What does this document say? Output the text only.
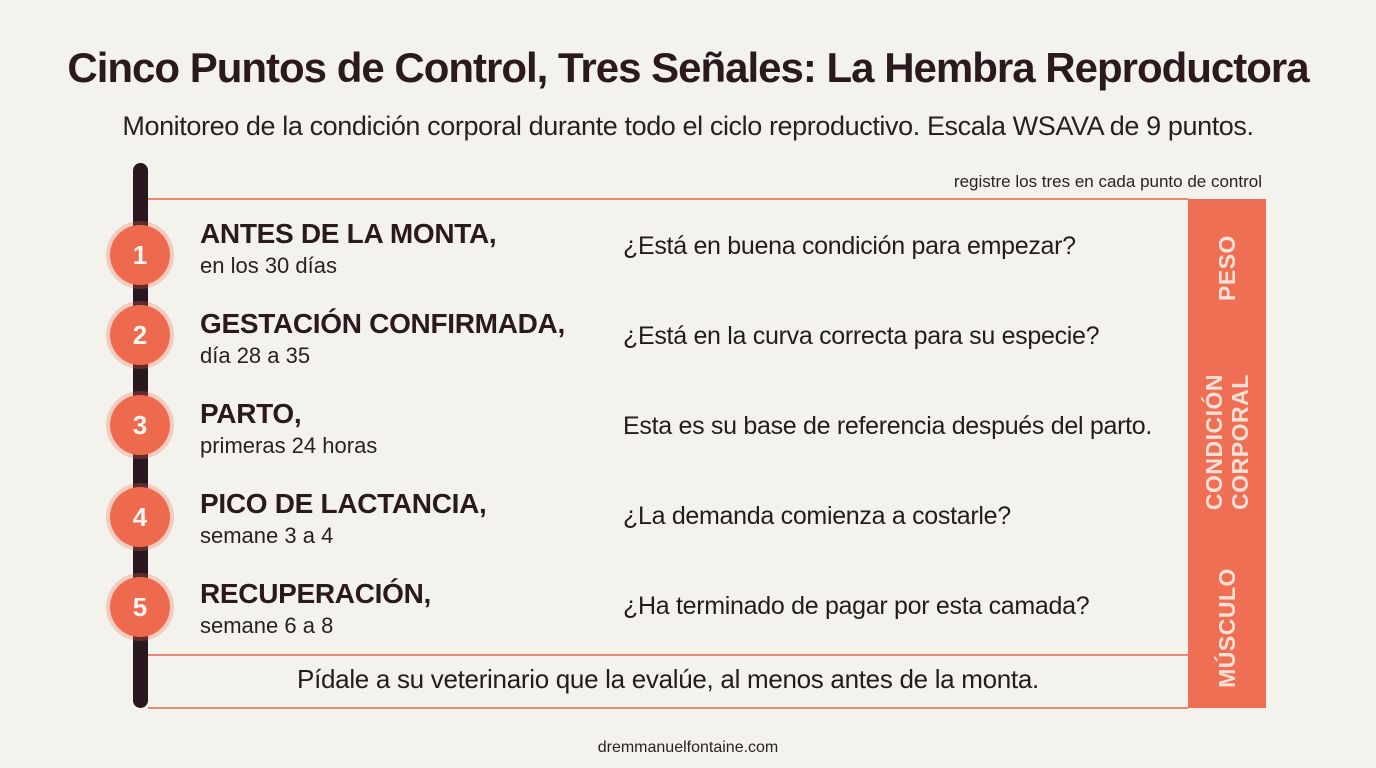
Cinco Puntos de Control, Tres Señales: La Hembra Reproductora
Monitoreo de la condición corporal durante todo el ciclo reproductivo. Escala WSAVA de 9 puntos.
registre los tres en cada punto de control
PESO
CONDICIÓN CORPORAL
MÚSCULO
1
ANTES DE LA MONTA,
en los 30 días
¿Está en buena condición para empezar?
2	GESTACIÓN CONFIRMADA,
día 28 a 35
¿Está en la curva correcta para su especie?
3	PARTO,
primeras 24 horas
Esta es su base de referencia después del parto.
4	PICO DE LACTANCIA,
semane 3 a 4
¿La demanda comienza a costarle?
5	RECUPERACIÓN,
semane 6 a 8
¿Ha terminado de pagar por esta camada?
Pídale a su veterinario que la evalúe, al menos antes de la monta.
dremmanuelfontaine.com
